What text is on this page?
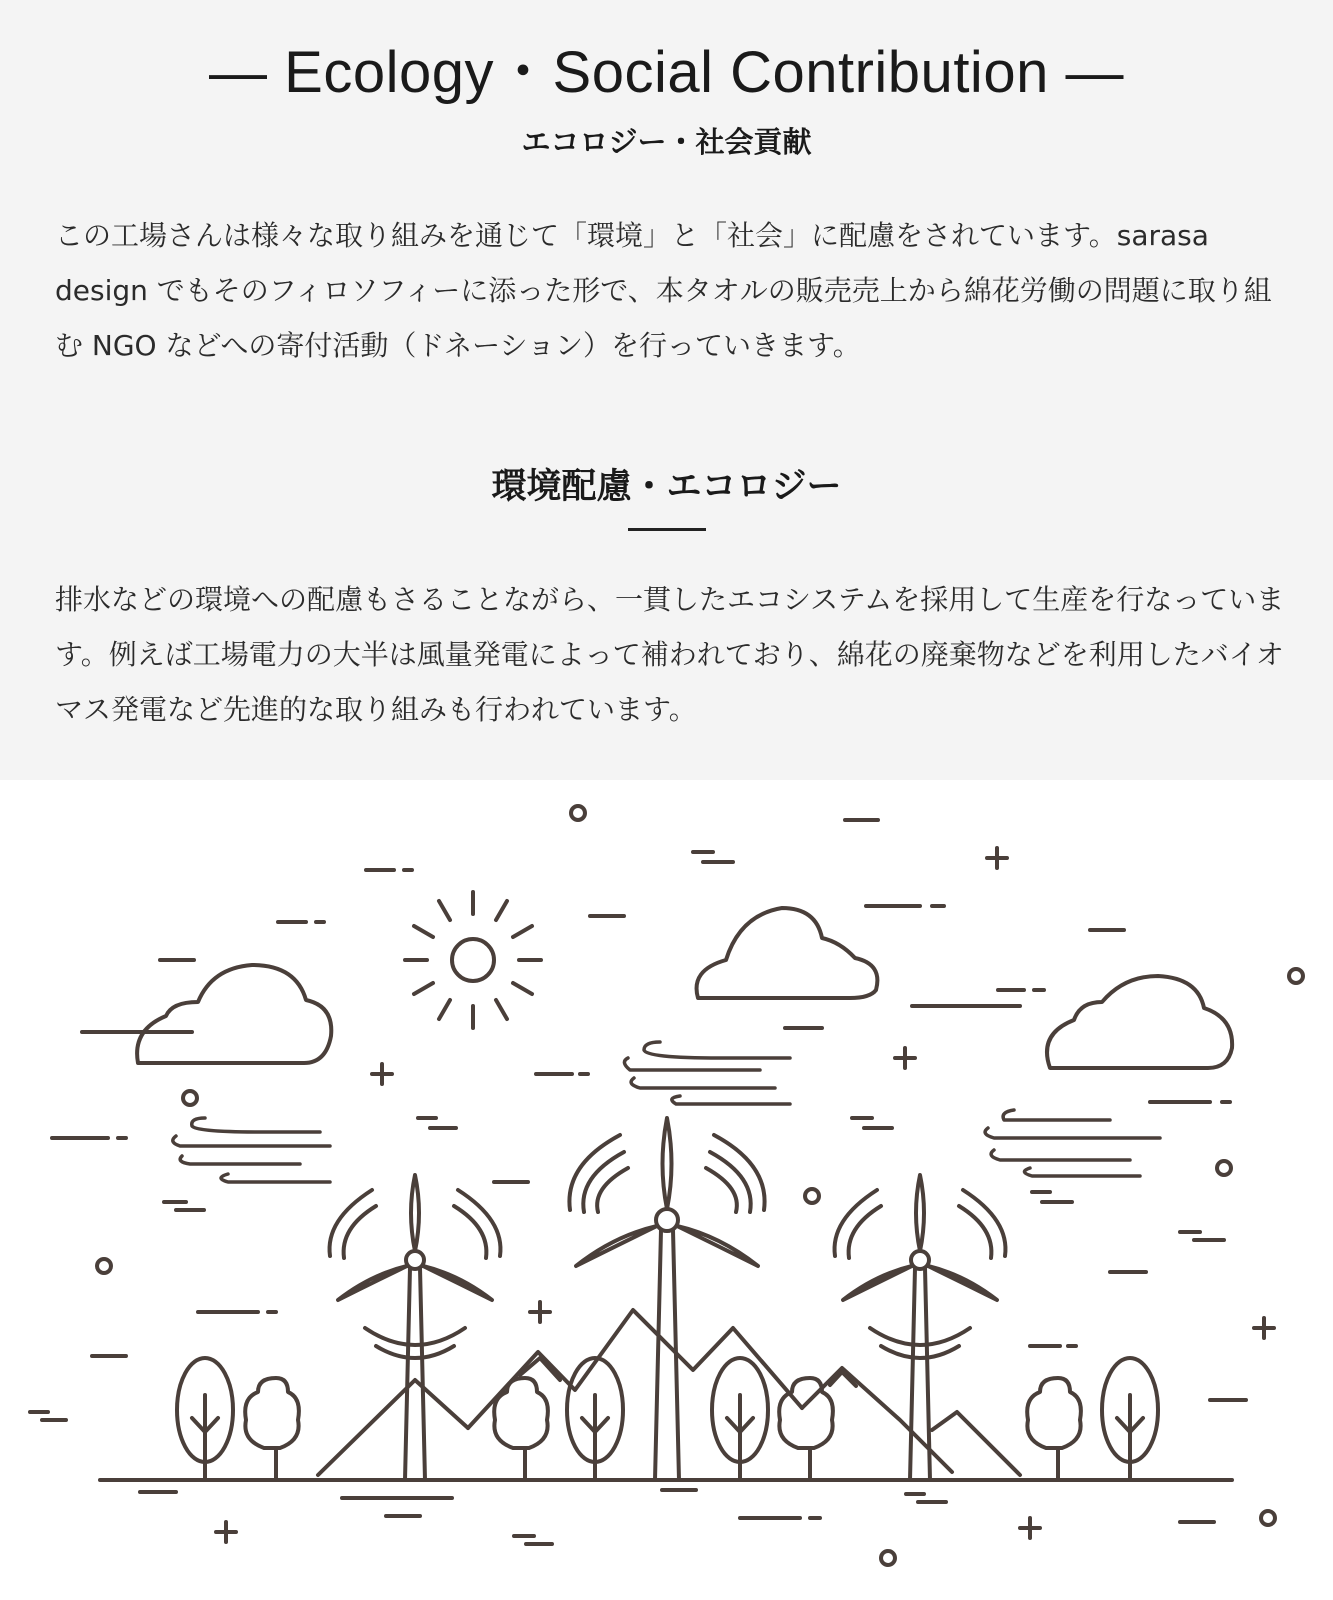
― Ecology・Social Contribution ―
エコロジー・社会貢献

この工場さんは様々な取り組みを通じて「環境」と「社会」に配慮をされています。sarasa design でもそのフィロソフィーに添った形で、本タオルの販売売上から綿花労働の問題に取り組む NGO などへの寄付活動（ドネーション）を行っていきます。

環境配慮・エコロジー

排水などの環境への配慮もさることながら、一貫したエコシステムを採用して生産を行なっています。例えば工場電力の大半は風量発電によって補われており、綿花の廃棄物などを利用したバイオマス発電など先進的な取り組みも行われています。
